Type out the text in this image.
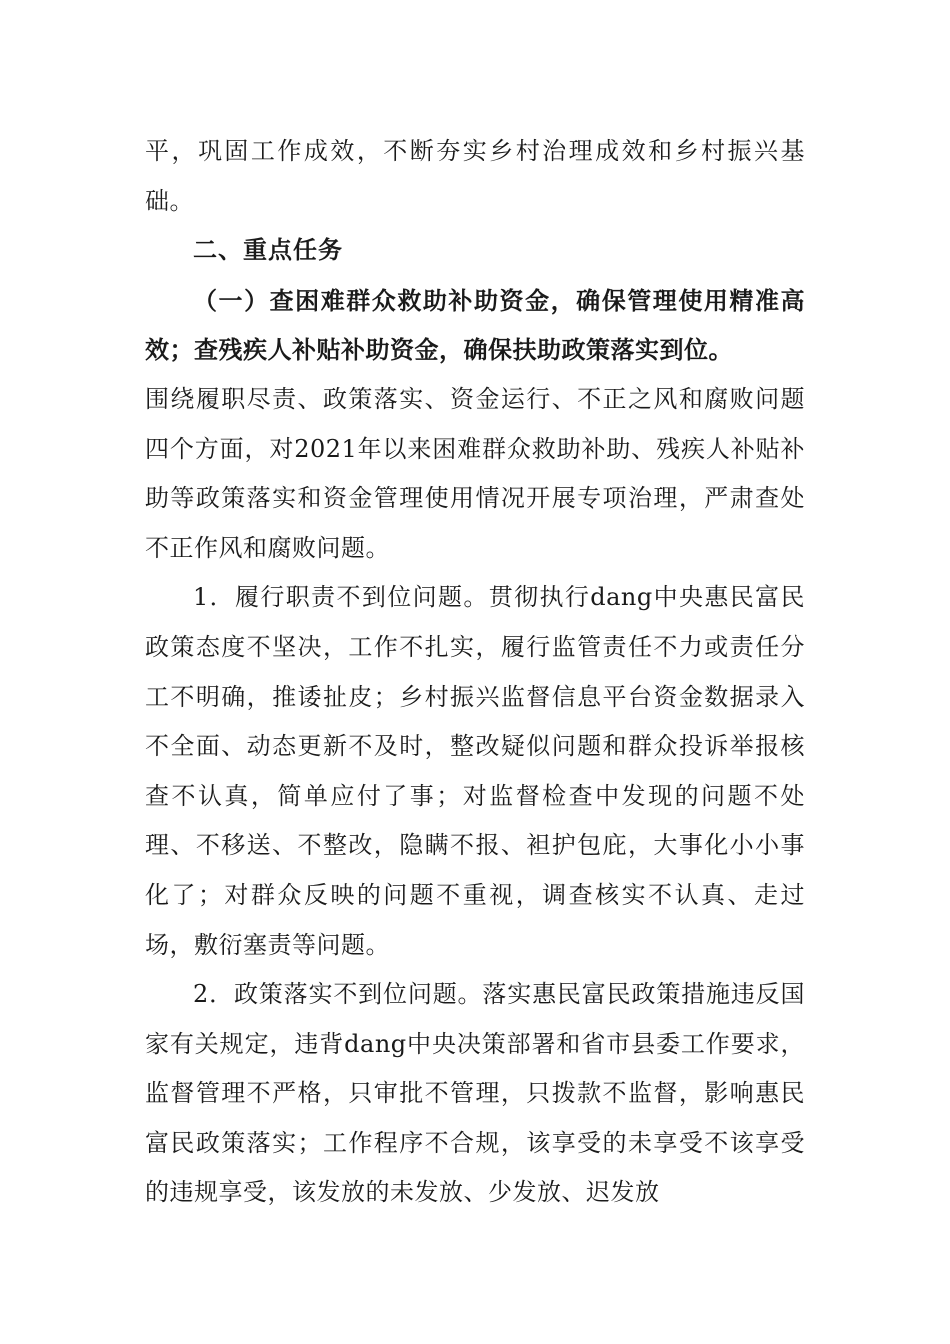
平，巩固工作成效，不断夯实乡村治理成效和乡村振兴基础。

二、重点任务

（一）查困难群众救助补助资金，确保管理使用精准高效；查残疾人补贴补助资金，确保扶助政策落实到位。

围绕履职尽责、政策落实、资金运行、不正之风和腐败问题四个方面，对2021年以来困难群众救助补助、残疾人补贴补助等政策落实和资金管理使用情况开展专项治理，严肃查处不正作风和腐败问题。

1．履行职责不到位问题。贯彻执行dang中央惠民富民政策态度不坚决，工作不扎实，履行监管责任不力或责任分工不明确，推诿扯皮；乡村振兴监督信息平台资金数据录入不全面、动态更新不及时，整改疑似问题和群众投诉举报核查不认真，简单应付了事；对监督检查中发现的问题不处理、不移送、不整改，隐瞒不报、袒护包庇，大事化小小事化了；对群众反映的问题不重视，调查核实不认真、走过场，敷衍塞责等问题。

2．政策落实不到位问题。落实惠民富民政策措施违反国家有关规定，违背dang中央决策部署和省市县委工作要求，监督管理不严格，只审批不管理，只拨款不监督，影响惠民富民政策落实；工作程序不合规，该享受的未享受不该享受的违规享受，该发放的未发放、少发放、迟发放
